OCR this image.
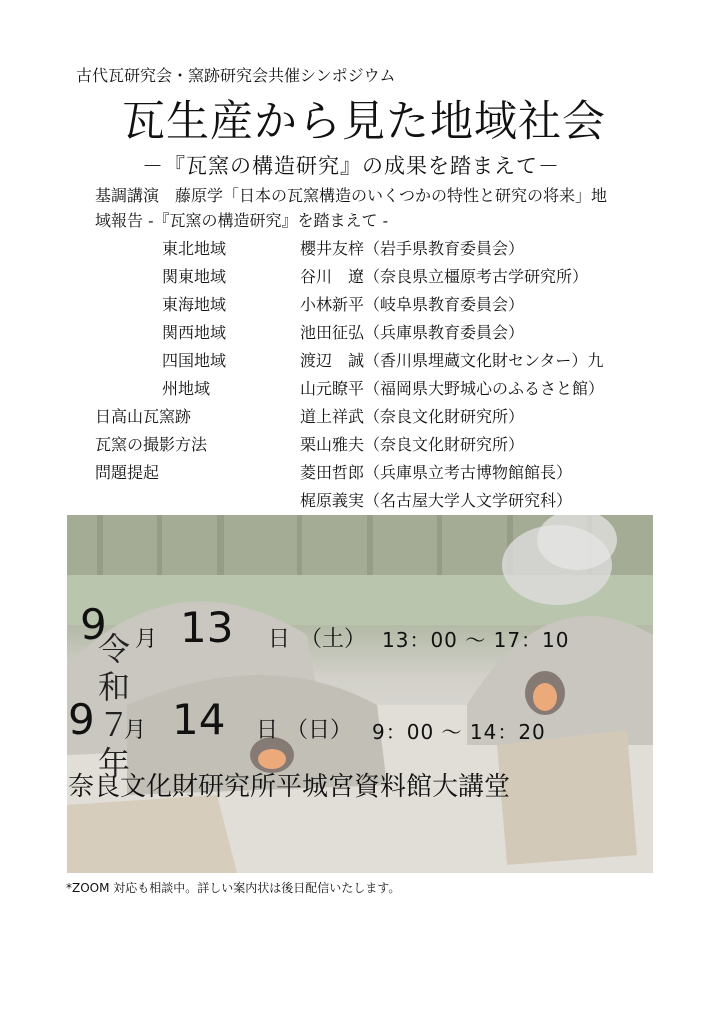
古代瓦研究会・窯跡研究会共催シンポジウム
瓦生産から見た地域社会
－『瓦窯の構造研究』の成果を踏まえて－
基調講演　藤原学「日本の瓦窯構造のいくつかの特性と研究の将来」地
域報告 -『瓦窯の構造研究』を踏まえて -
東北地域	櫻井友梓（岩手県教育委員会）
関東地域	谷川　遼（奈良県立橿原考古学研究所）
東海地域	小林新平（岐阜県教育委員会）
関西地域	池田征弘（兵庫県教育委員会）
四国地域	渡辺　誠（香川県埋蔵文化財センター）九
州地域	山元瞭平（福岡県大野城心のふるさと館）
日高山瓦窯跡	道上祥武（奈良文化財研究所）
瓦窯の撮影方法	栗山雅夫（奈良文化財研究所）
問題提起	菱田哲郎（兵庫県立考古博物館館長）
梶原義実（名古屋大学人文学研究科）
9 月 13 日 （土） 13：00 ～ 17：10
令和７年
9 月 14 日 （日） 9：00 ～ 14：20
奈良文化財研究所平城宮資料館大講堂
*ZOOM 対応も相談中。詳しい案内状は後日配信いたします。
